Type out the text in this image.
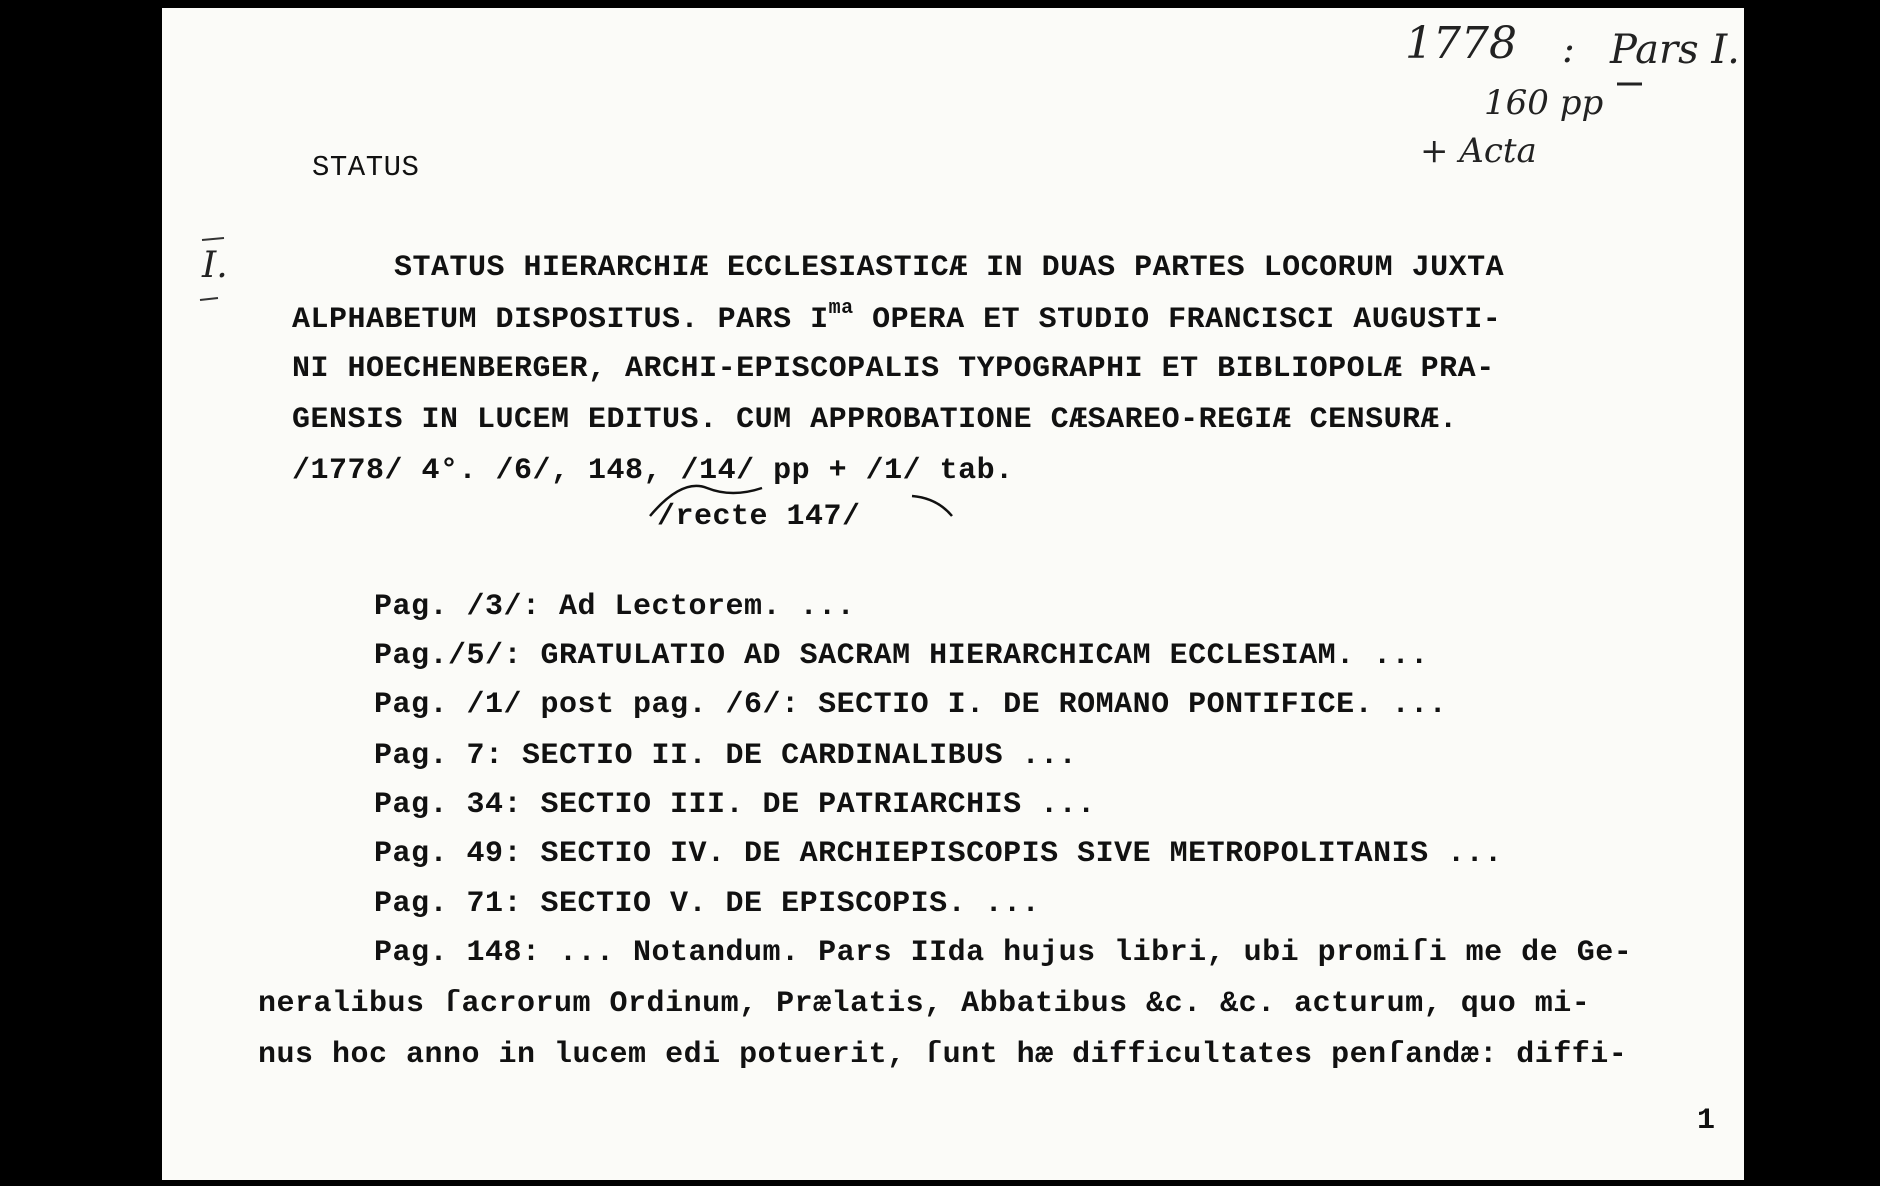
1778 : Pars I.
160 pp
+ Acta
I.
STATUS
STATUS HIERARCHIÆ ECCLESIASTICÆ IN DUAS PARTES LOCORUM JUXTA
ALPHABETUM DISPOSITUS. PARS $I^{ma}$ OPERA ET STUDIO FRANCISCI AUGUSTI-
NI HOECHENBERGER, ARCHI-EPISCOPALIS TYPOGRAPHI ET BIBLIOPOLÆ PRA-
GENSIS IN LUCEM EDITUS. CUM APPROBATIONE CÆSAREO-REGIÆ CENSURÆ.
/1778/ 4°. /6/, 148, /14/ pp + /1/ tab.
/recte 147/
Pag. /3/: Ad Lectorem. ...
Pag./5/: GRATULATIO AD SACRAM HIERARCHICAM ECCLESIAM. ...
Pag. /1/ post pag. /6/: SECTIO I. DE ROMANO PONTIFICE. ...
Pag. 7: SECTIO II. DE CARDINALIBUS ...
Pag. 34: SECTIO III. DE PATRIARCHIS ...
Pag. 49: SECTIO IV. DE ARCHIEPISCOPIS SIVE METROPOLITANIS ...
Pag. 71: SECTIO V. DE EPISCOPIS. ...
Pag. 148: ... Notandum. Pars IIda hujus libri, ubi promiſi me de Ge-
neralibus ſacrorum Ordinum, Prælatis, Abbatibus &c. &c. acturum, quo mi-
nus hoc anno in lucem edi potuerit, ſunt hæ difficultates penſandæ: diffi-
1
